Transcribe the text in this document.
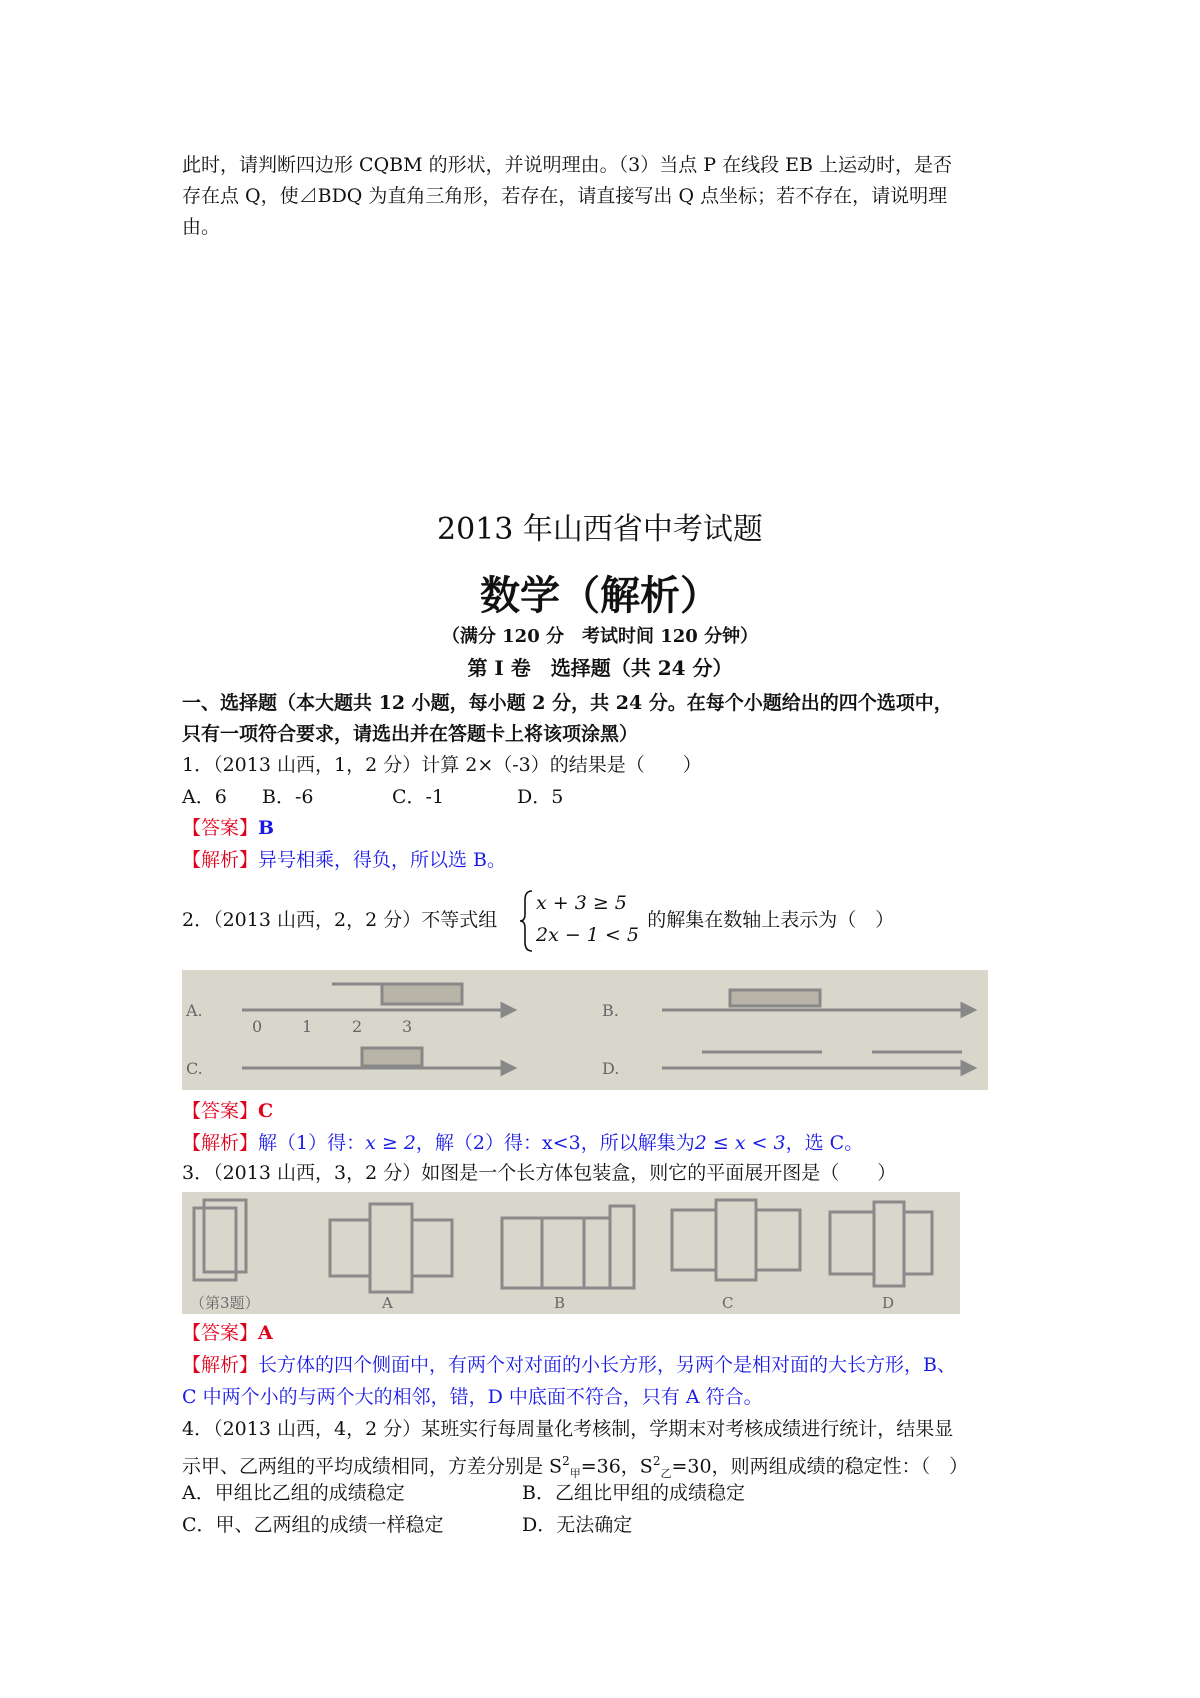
此时，请判断四边形 CQBM 的形状，并说明理由。（3）当点 P 在线段 EB 上运动时，是否
存在点 Q，使⊿BDQ 为直角三角形，若存在，请直接写出 Q 点坐标；若不存在，请说明理
由。
2013 年山西省中考试题
数学（解析）
（满分 120 分　考试时间 120 分钟）
第 I 卷　选择题（共 24 分）
一、选择题（本大题共 12 小题，每小题 2 分，共 24 分。在每个小题给出的四个选项中，
只有一项符合要求，请选出并在答题卡上将该项涂黑）
1．（2013 山西，1，2 分）计算 2×（-3）的结果是（　　）
A．6 B．-6	C．-1	D．5
【答案】B
【解析】异号相乘，得负，所以选 B。
2．（2013 山西，2，2 分）不等式组	的解集在数轴上表示为（　）
x + 3 ≥ 5
2x − 1 < 5
A.	B.
C.	D.
0 1 2 3
【答案】C
【解析】解（1）得：x ≥ 2，解（2）得：x<3，所以解集为2 ≤ x < 3，选 C。
3．（2013 山西，3，2 分）如图是一个长方体包装盒，则它的平面展开图是（　　）
（第3题）	A	B	C	D
【答案】A
【解析】长方体的四个侧面中，有两个对对面的小长方形，另两个是相对面的大长方形，B、
C 中两个小的与两个大的相邻，错，D 中底面不符合，只有 A 符合。
4．（2013 山西，4，2 分）某班实行每周量化考核制，学期末对考核成绩进行统计，结果显
示甲、乙两组的平均成绩相同，方差分别是 $S^2_甲=36$，$S^2_乙=30$，则两组成绩的稳定性：（　）
A．甲组比乙组的成绩稳定	B．乙组比甲组的成绩稳定
C．甲、乙两组的成绩一样稳定	D．无法确定
